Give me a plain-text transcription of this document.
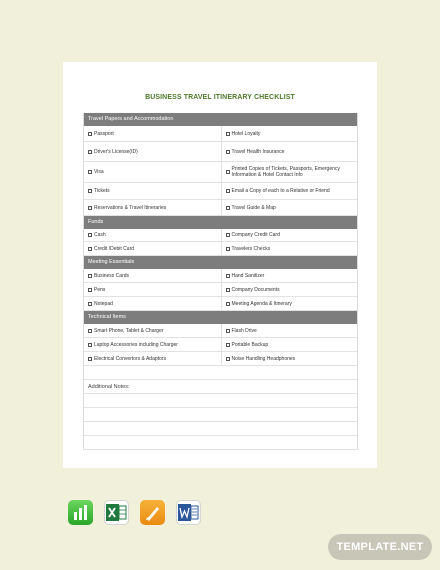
BUSINESS TRAVEL ITINERARY CHECKLIST
Travel Papers and Accommodation
Passport	Hotel Loyalty
Driver's License(ID)	Travel Health Insurance
Visa	Printed Copies of Tickets, Passports, Emergency Information & Hotel Contact Info
Tickets	Email a Copy of each to a Relative or Friend
Reservations & Travel Itineraries	Travel Guide & Map
Funds
Cash	Company Credit Card
Credit /Debit Card	Travelers Checks
Meeting Essentials
Business Cards	Hand Sanitizer
Pens	Company Documents
Notepad	Meeting Agenda & Itinerary
Technical Items
Smart Phone, Tablet & Charger	Flash Drive
Laptop Accessories including Charger	Portable Backup
Electrical Convertors & Adaptors	Noise Handling Headphones
Additional Notes:
TEMPLATE.NET
